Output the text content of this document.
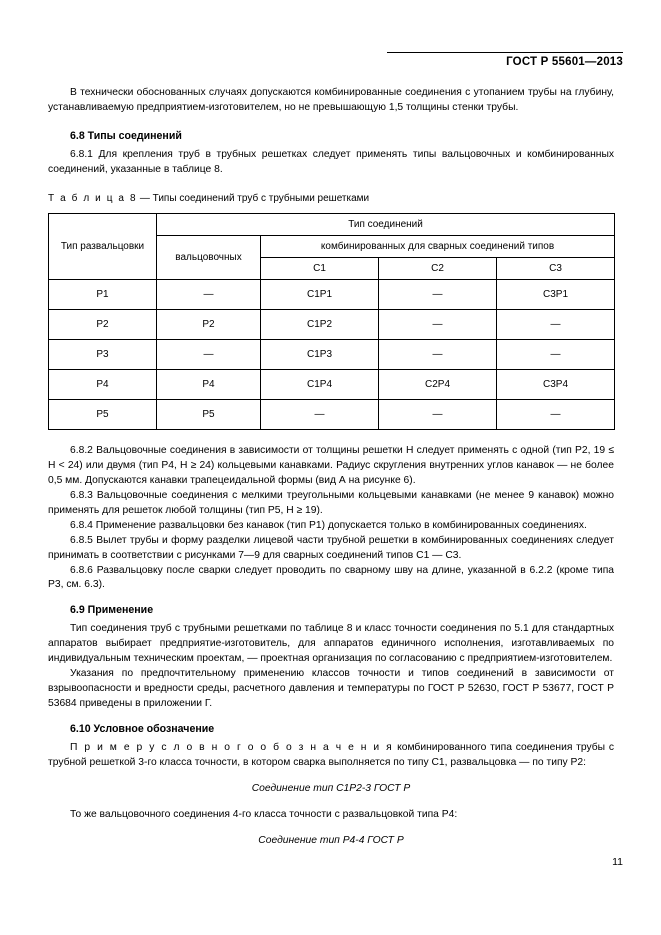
ГОСТ Р 55601—2013

В технически обоснованных случаях допускаются комбинированные соединения с утопанием трубы на глубину, устанавливаемую предприятием-изготовителем, но не превышающую 1,5 толщины стенки трубы.

6.8 Типы соединений

6.8.1 Для крепления труб в трубных решетках следует применять типы вальцовочных и комбинированных соединений, указанные в таблице 8.

Т а б л и ц а 8 — Типы соединений труб с трубными решетками

Тип развальцовки	Тип соединений			
	вальцовочных	комбинированных для сварных соединений типов		
		С1	С2	С3
Р1	—	С1Р1	—	С3Р1
Р2	Р2	С1Р2	—	—
Р3	—	С1Р3	—	—
Р4	Р4	С1Р4	С2Р4	С3Р4
Р5	Р5	—	—	—

6.8.2 Вальцовочные соединения в зависимости от толщины решетки H следует применять с одной (тип Р2, 19 ≤ H < 24) или двумя (тип Р4, H ≥ 24) кольцевыми канавками. Радиус скругления внутренних углов канавок — не более 0,5 мм. Допускаются канавки трапецеидальной формы (вид А на рисунке 6).

6.8.3 Вальцовочные соединения с мелкими треугольными кольцевыми канавками (не менее 9 канавок) можно применять для решеток любой толщины (тип Р5, H ≥ 19).

6.8.4 Применение развальцовки без канавок (тип Р1) допускается только в комбинированных соединениях.

6.8.5 Вылет трубы и форму разделки лицевой части трубной решетки в комбинированных соединениях следует принимать в соответствии с рисунками 7—9 для сварных соединений типов С1 — С3.

6.8.6 Развальцовку после сварки следует проводить по сварному шву на длине, указанной в 6.2.2 (кроме типа Р3, см. 6.3).

6.9 Применение

Тип соединения труб с трубными решетками по таблице 8 и класс точности соединения по 5.1 для стандартных аппаратов выбирает предприятие-изготовитель, для аппаратов единичного исполнения, изготавливаемых по индивидуальным техническим проектам, — проектная организация по согласованию с предприятием-изготовителем.

Указания по предпочтительному применению классов точности и типов соединений в зависимости от взрывоопасности и вредности среды, расчетного давления и температуры по ГОСТ Р 52630, ГОСТ Р 53677, ГОСТ Р 53684 приведены в приложении Г.

6.10 Условное обозначение

П р и м е р у с л о в н о г о о б о з н а ч е н и я комбинированного типа соединения трубы с трубной решеткой 3-го класса точности, в котором сварка выполняется по типу С1, развальцовка — по типу Р2:

Соединение тип С1Р2-3 ГОСТ Р

То же вальцовочного соединения 4-го класса точности с развальцовкой типа Р4:

Соединение тип Р4-4 ГОСТ Р

11
